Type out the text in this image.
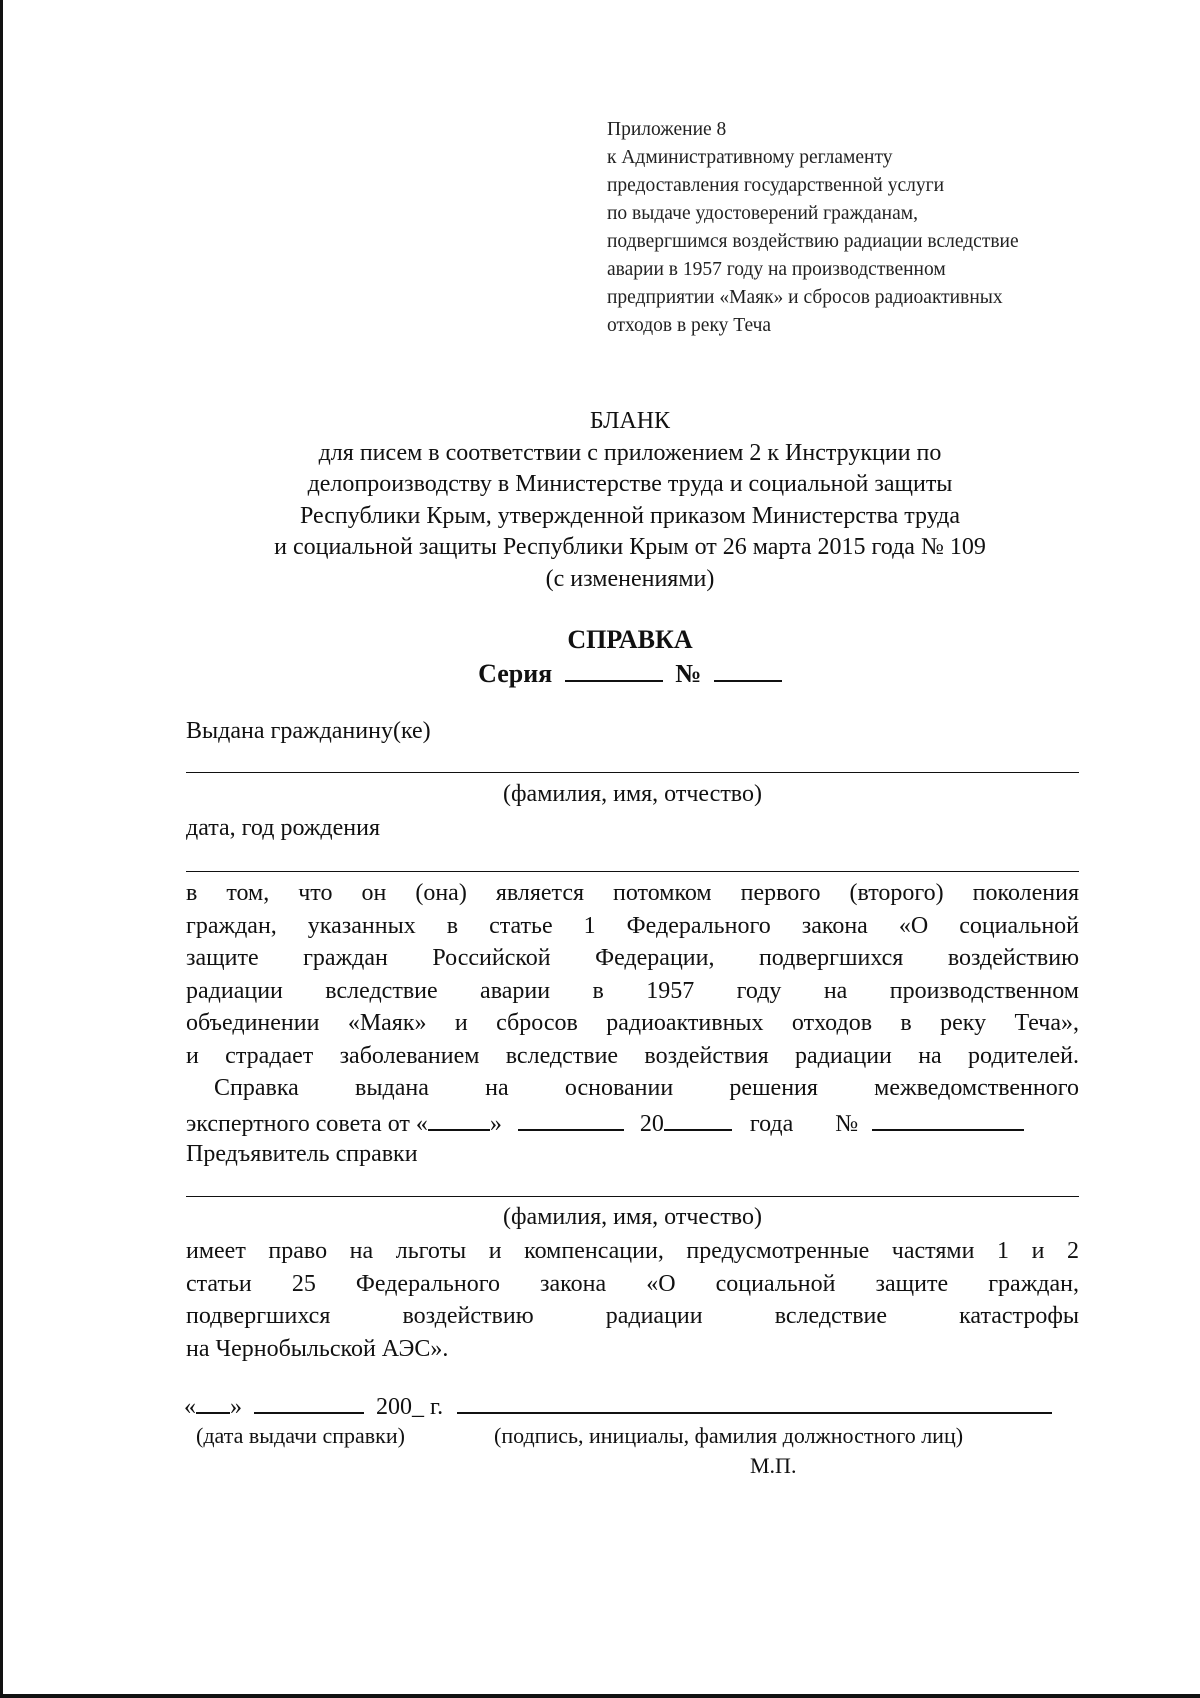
Приложение 8
к Административному регламенту
предоставления государственной услуги
по выдаче удостоверений гражданам,
подвергшимся воздействию радиации вследствие
аварии в 1957 году на производственном
предприятии «Маяк» и сбросов радиоактивных
отходов в реку Теча
БЛАНК
для писем в соответствии с приложением 2 к Инструкции по
делопроизводству в Министерстве труда и социальной защиты
Республики Крым, утвержденной приказом Министерства труда
и социальной защиты Республики Крым от 26 марта 2015 года № 109
(с изменениями)
СПРАВКА
Серия	№
Выдана гражданину(ке)
(фамилия, имя, отчество)
дата, год рождения
в том, что он (она) является потомком первого (второго) поколения
граждан, указанных в статье 1 Федерального закона «О социальной
защите граждан Российской Федерации, подвергшихся воздействию
радиации вследствие аварии в 1957 году на производственном
объединении «Маяк» и сбросов радиоактивных отходов в реку Теча»,
и страдает заболеванием вследствие воздействия радиации на родителей.
Справка выдана на основании решения межведомственного
экспертного совета от «	»	20	года №
Предъявитель справки
(фамилия, имя, отчество)
имеет право на льготы и компенсации, предусмотренные частями 1 и 2
статьи 25 Федерального закона «О социальной защите граждан,
подвергшихся воздействию радиации вследствие катастрофы
на Чернобыльской АЭС».
« »	200_ г.
(дата выдачи справки)	(подпись, инициалы, фамилия должностного лиц)
М.П.
